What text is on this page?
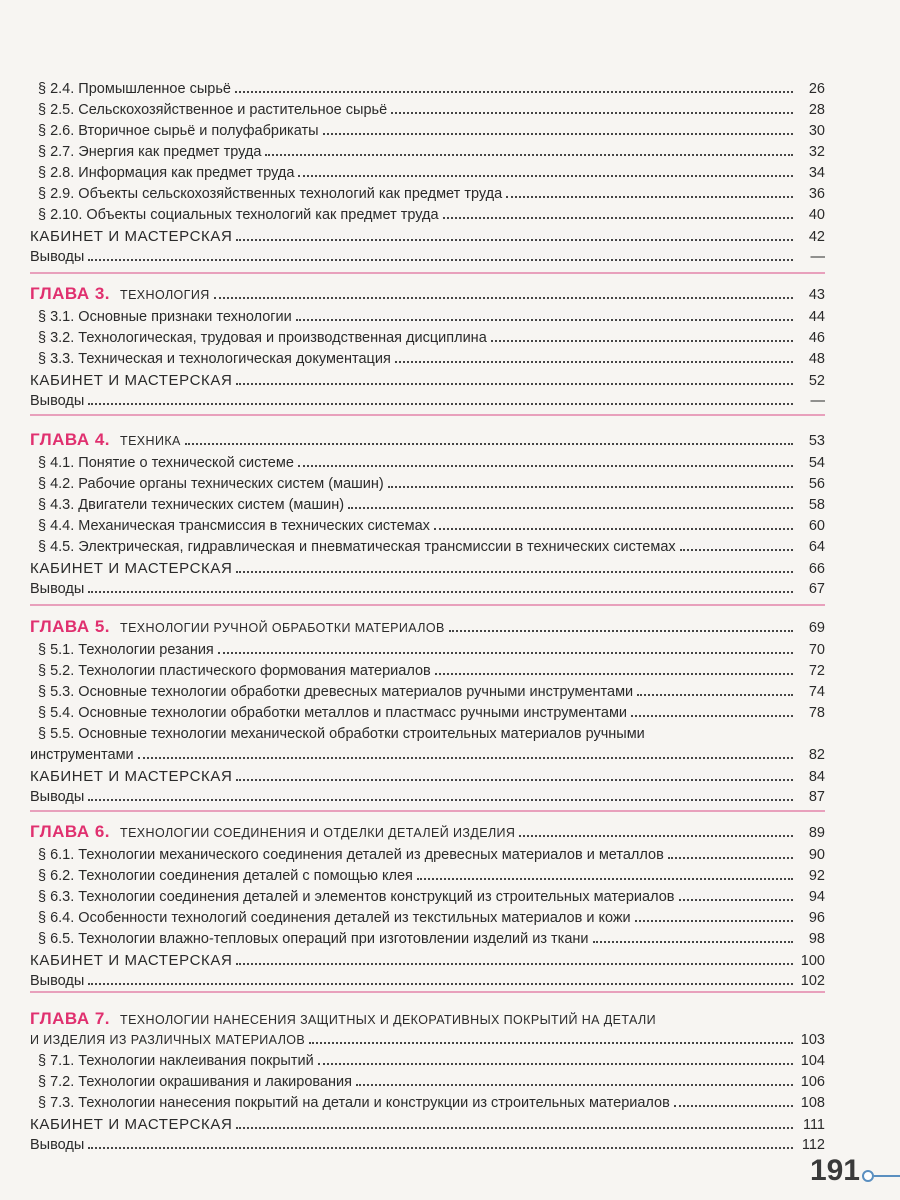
§ 2.4. Промышленное сырьё	26
§ 2.5. Сельскохозяйственное и растительное сырьё	28
§ 2.6. Вторичное сырьё и полуфабрикаты	30
§ 2.7. Энергия как предмет труда	32
§ 2.8. Информация как предмет труда	34
§ 2.9. Объекты сельскохозяйственных технологий как предмет труда	36
§ 2.10. Объекты социальных технологий как предмет труда	40
КАБИНЕТ И МАСТЕРСКАЯ	42
Выводы	—
ГЛАВА 3. ТЕХНОЛОГИЯ	43
§ 3.1. Основные признаки технологии	44
§ 3.2. Технологическая, трудовая и производственная дисциплина	46
§ 3.3. Техническая и технологическая документация	48
КАБИНЕТ И МАСТЕРСКАЯ	52
Выводы	—
ГЛАВА 4. ТЕХНИКА	53
§ 4.1. Понятие о технической системе	54
§ 4.2. Рабочие органы технических систем (машин)	56
§ 4.3. Двигатели технических систем (машин)	58
§ 4.4. Механическая трансмиссия в технических системах	60
§ 4.5. Электрическая, гидравлическая и пневматическая трансмиссии в технических системах	64
КАБИНЕТ И МАСТЕРСКАЯ	66
Выводы	67
ГЛАВА 5. ТЕХНОЛОГИИ РУЧНОЙ ОБРАБОТКИ МАТЕРИАЛОВ	69
§ 5.1. Технологии резания	70
§ 5.2. Технологии пластического формования материалов	72
§ 5.3. Основные технологии обработки древесных материалов ручными инструментами	74
§ 5.4. Основные технологии обработки металлов и пластмасс ручными инструментами	78
§ 5.5. Основные технологии механической обработки строительных материалов ручными
инструментами	82
КАБИНЕТ И МАСТЕРСКАЯ	84
Выводы	87
ГЛАВА 6. ТЕХНОЛОГИИ СОЕДИНЕНИЯ И ОТДЕЛКИ ДЕТАЛЕЙ ИЗДЕЛИЯ	89
§ 6.1. Технологии механического соединения деталей из древесных материалов и металлов	90
§ 6.2. Технологии соединения деталей с помощью клея	92
§ 6.3. Технологии соединения деталей и элементов конструкций из строительных материалов	94
§ 6.4. Особенности технологий соединения деталей из текстильных материалов и кожи	96
§ 6.5. Технологии влажно-тепловых операций при изготовлении изделий из ткани	98
КАБИНЕТ И МАСТЕРСКАЯ	100
Выводы	102
ГЛАВА 7. ТЕХНОЛОГИИ НАНЕСЕНИЯ ЗАЩИТНЫХ И ДЕКОРАТИВНЫХ ПОКРЫТИЙ НА ДЕТАЛИ
И ИЗДЕЛИЯ ИЗ РАЗЛИЧНЫХ МАТЕРИАЛОВ	103
§ 7.1. Технологии наклеивания покрытий	104
§ 7.2. Технологии окрашивания и лакирования	106
§ 7.3. Технологии нанесения покрытий на детали и конструкции из строительных материалов	108
КАБИНЕТ И МАСТЕРСКАЯ	111
Выводы	112
191
